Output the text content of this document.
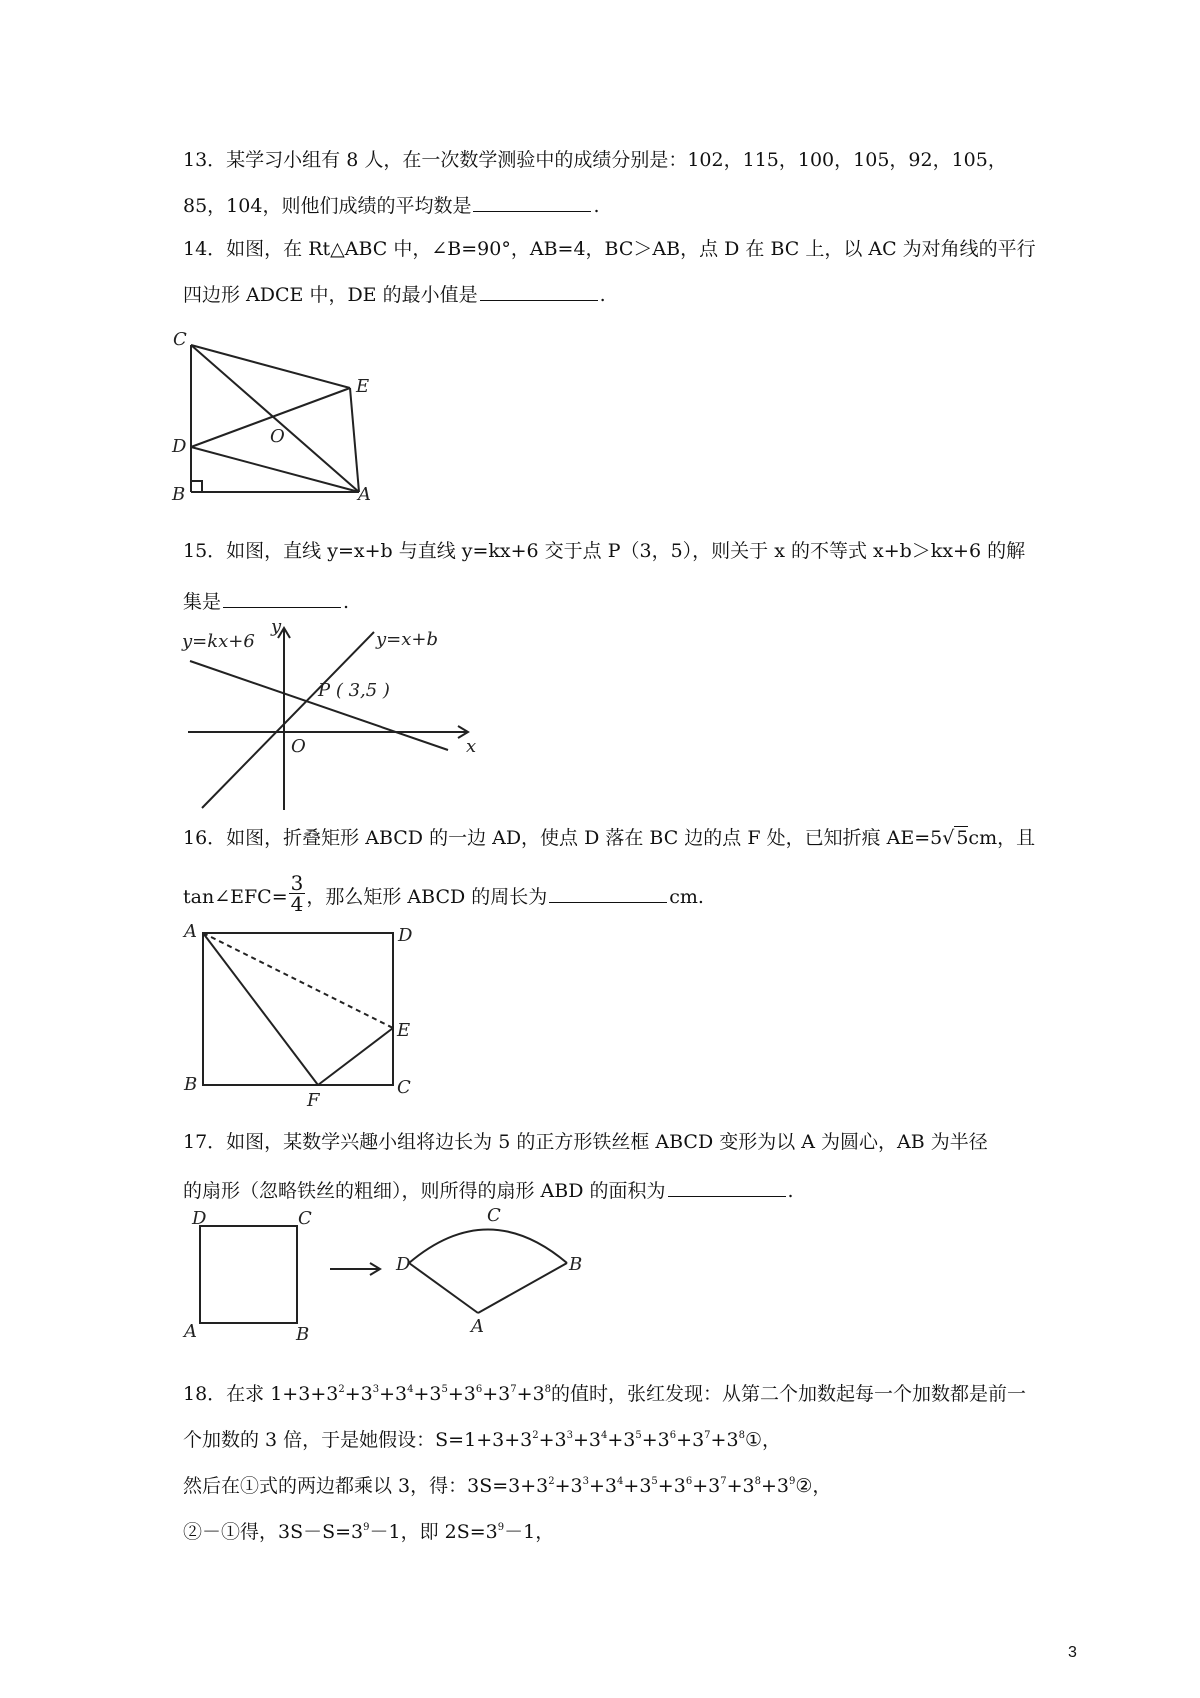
13．某学习小组有 8 人，在一次数学测验中的成绩分别是：102，115，100，105，92，105，
85，104，则他们成绩的平均数是	.
14．如图，在 Rt△ABC 中，∠B=90°，AB=4，BC＞AB，点 D 在 BC 上，以 AC 为对角线的平行
四边形 ADCE 中，DE 的最小值是	.
C
E
O
D
B	A
15．如图，直线 y=x+b 与直线 y=kx+6 交于点 P（3，5），则关于 x 的不等式 x+b＞kx+6 的解
集是	.
y
x
O
y=kx+6	y=x+b
P ( 3,5 )
16．如图，折叠矩形 ABCD 的一边 AD，使点 D 落在 BC 边的点 F 处，已知折痕 AE=5√ 5cm，且
tan∠EFC= $\frac{3}{4}$ ，那么矩形 ABCD 的周长为	cm.
A	D
E
B
F
C
17．如图，某数学兴趣小组将边长为 5 的正方形铁丝框 ABCD 变形为以 A 为圆心，AB 为半径
的扇形（忽略铁丝的粗细），则所得的扇形 ABD 的面积为	.
D	C
A	B
C
D	B
A
18．在求 $1+3+3^2+3^3+3^4+3^5+3^6+3^7+3^8$的值时，张红发现：从第二个加数起每一个加数都是前一
个加数的 3 倍，于是她假设：$S=1+3+3^2+3^3+3^4+3^5+3^6+3^7+3^8①$，
然后在①式的两边都乘以 3，得：$3S=3+3^2+3^3+3^4+3^5+3^6+3^7+3^8+3^9②$，
②－①得，$3S-S=3^9-1$，即 $2S=3^9-1$，
3
